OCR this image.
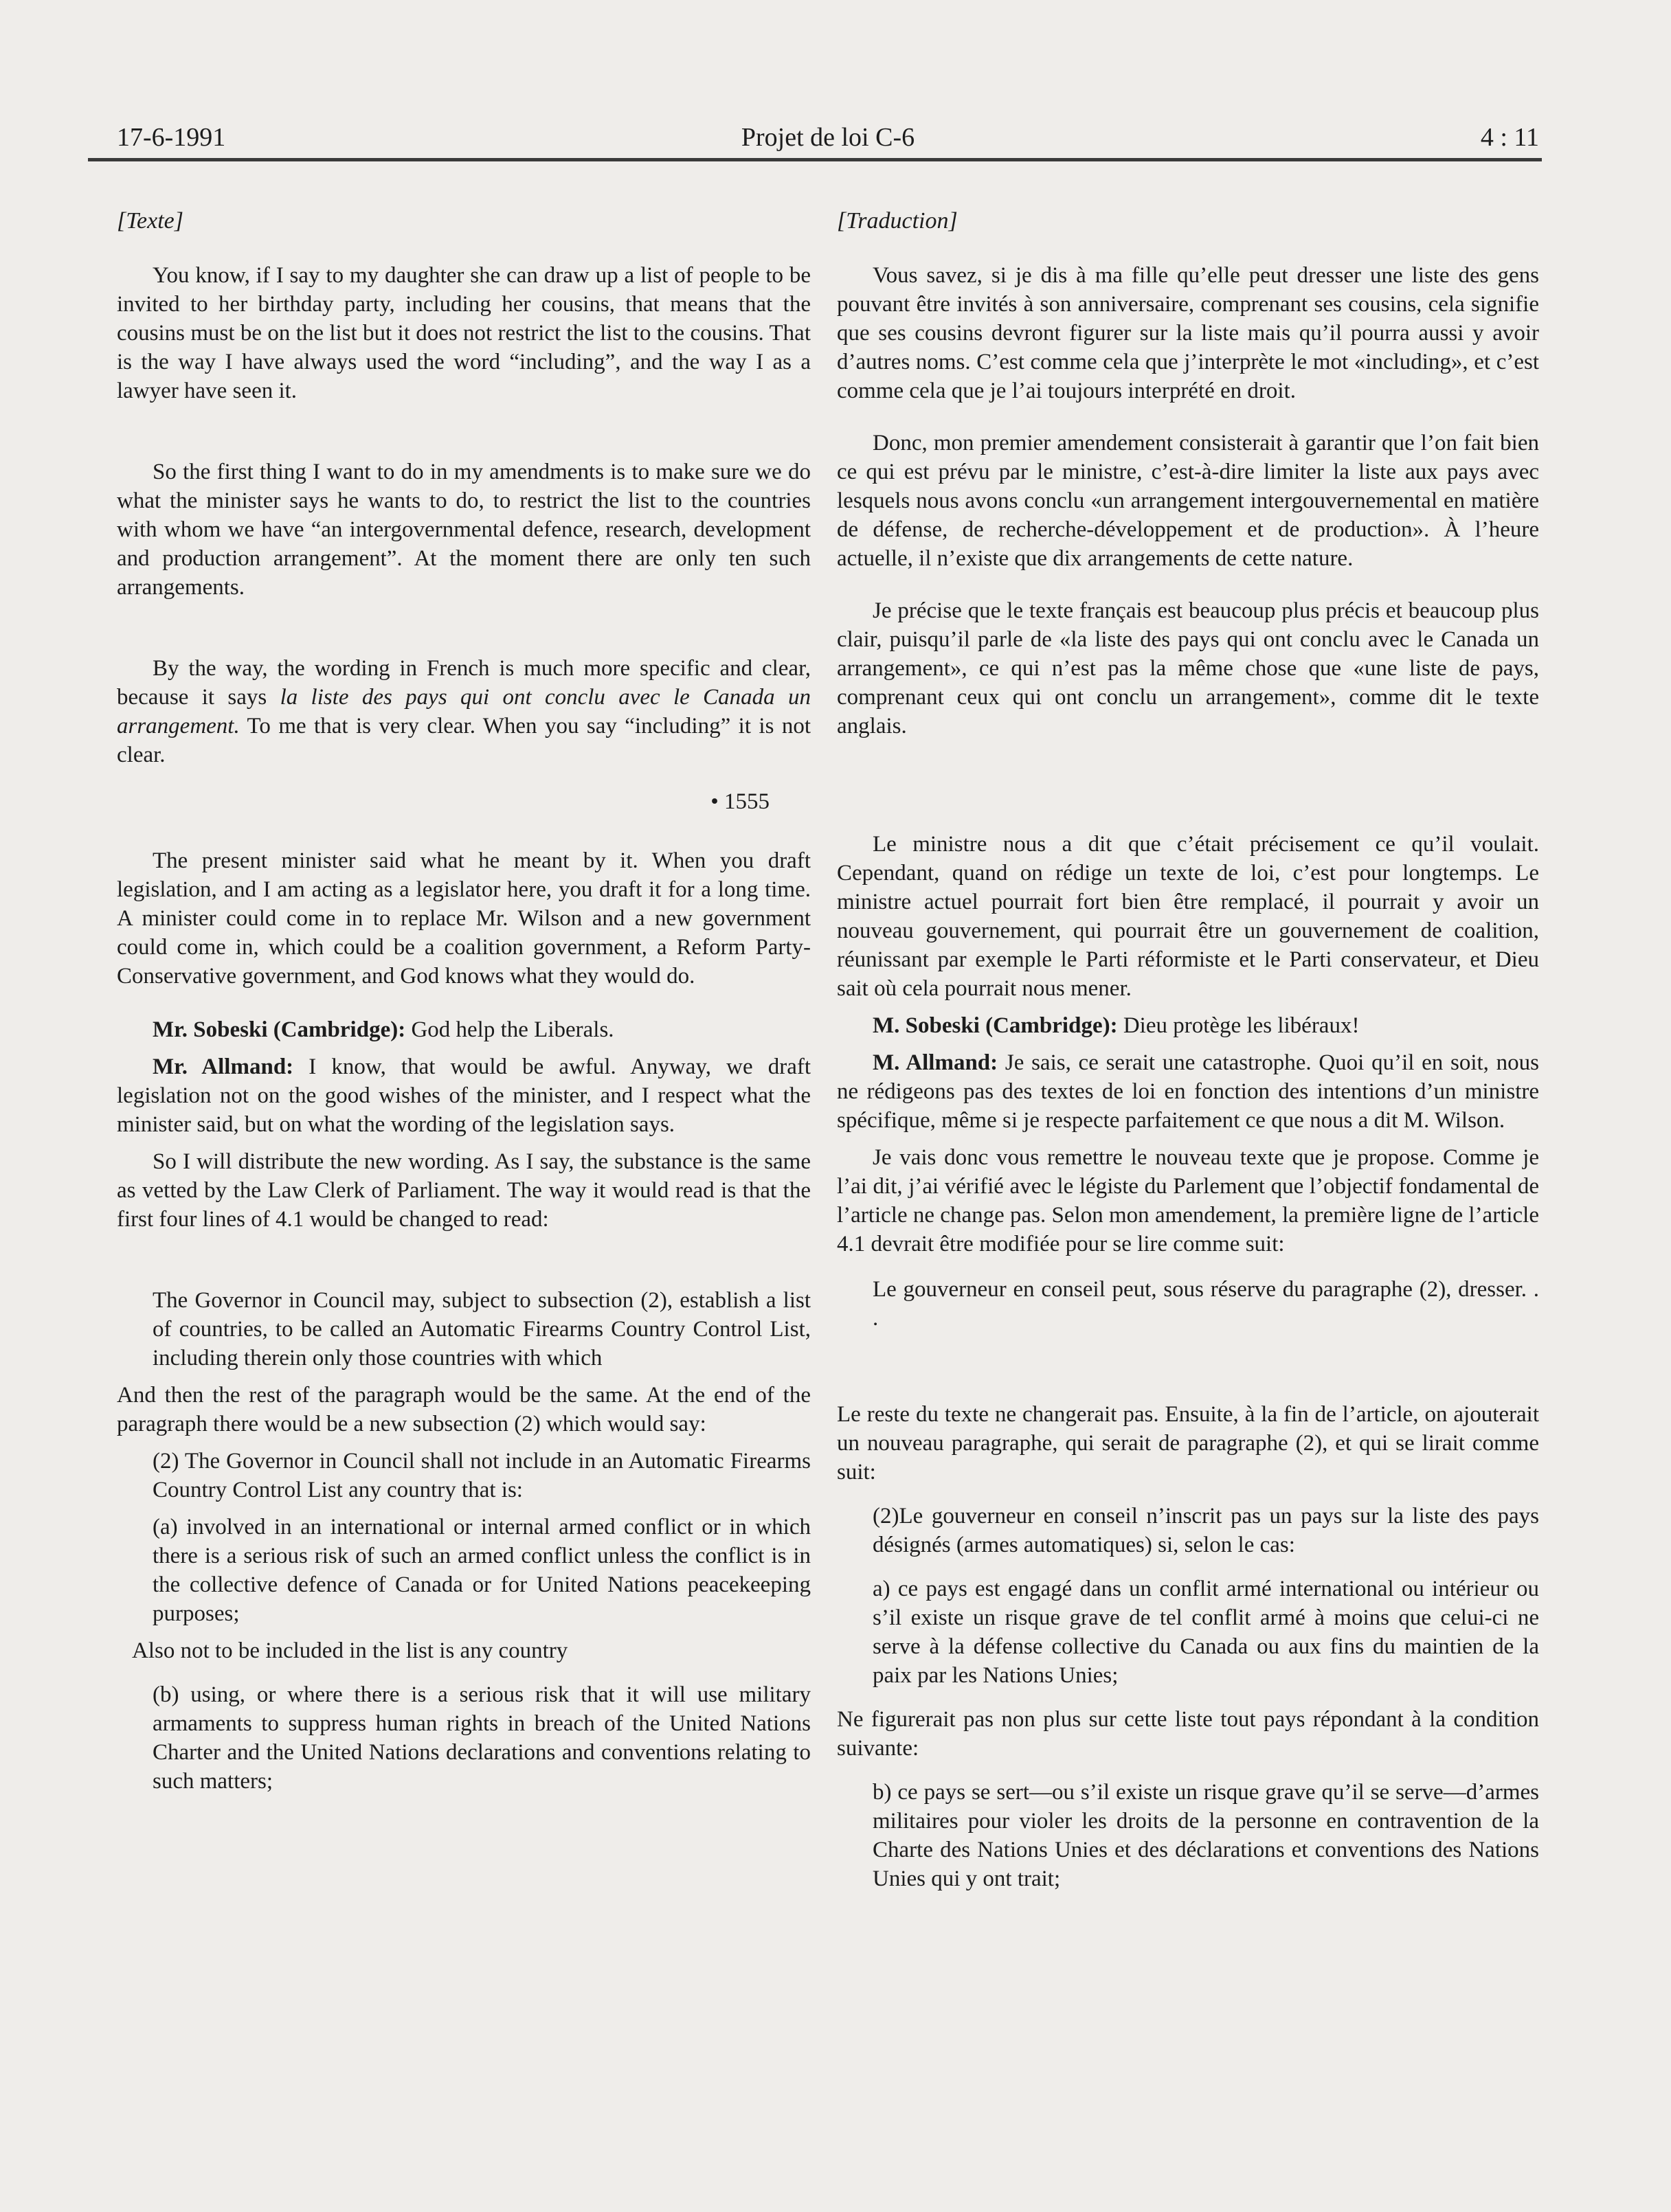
17-6-1991	Projet de loi C-6	4 : 11

[Texte]

You know, if I say to my daughter she can draw up a list of people to be invited to her birthday party, including her cousins, that means that the cousins must be on the list but it does not restrict the list to the cousins. That is the way I have always used the word “including”, and the way I as a lawyer have seen it.

So the first thing I want to do in my amendments is to make sure we do what the minister says he wants to do, to restrict the list to the countries with whom we have “an intergovernmental defence, research, development and production arrangement”. At the moment there are only ten such arrangements.

By the way, the wording in French is much more specific and clear, because it says la liste des pays qui ont conclu avec le Canada un arrangement. To me that is very clear. When you say “including” it is not clear.

• 1555

The present minister said what he meant by it. When you draft legislation, and I am acting as a legislator here, you draft it for a long time. A minister could come in to replace Mr. Wilson and a new government could come in, which could be a coalition government, a Reform Party-Conservative government, and God knows what they would do.

Mr. Sobeski (Cambridge): God help the Liberals.

Mr. Allmand: I know, that would be awful. Anyway, we draft legislation not on the good wishes of the minister, and I respect what the minister said, but on what the wording of the legislation says.

So I will distribute the new wording. As I say, the substance is the same as vetted by the Law Clerk of Parliament. The way it would read is that the first four lines of 4.1 would be changed to read:

The Governor in Council may, subject to subsection (2), establish a list of countries, to be called an Automatic Firearms Country Control List, including therein only those countries with which

And then the rest of the paragraph would be the same. At the end of the paragraph there would be a new subsection (2) which would say:

(2) The Governor in Council shall not include in an Automatic Firearms Country Control List any country that is:

(a) involved in an international or internal armed conflict or in which there is a serious risk of such an armed conflict unless the conflict is in the collective defence of Canada or for United Nations peacekeeping purposes;

Also not to be included in the list is any country

(b) using, or where there is a serious risk that it will use military armaments to suppress human rights in breach of the United Nations Charter and the United Nations declarations and conventions relating to such matters;

[Traduction]

Vous savez, si je dis à ma fille qu’elle peut dresser une liste des gens pouvant être invités à son anniversaire, comprenant ses cousins, cela signifie que ses cousins devront figurer sur la liste mais qu’il pourra aussi y avoir d’autres noms. C’est comme cela que j’interprète le mot «including», et c’est comme cela que je l’ai toujours interprété en droit.

Donc, mon premier amendement consisterait à garantir que l’on fait bien ce qui est prévu par le ministre, c’est-à-dire limiter la liste aux pays avec lesquels nous avons conclu «un arrangement intergouvernemental en matière de défense, de recherche-développement et de production». À l’heure actuelle, il n’existe que dix arrangements de cette nature.

Je précise que le texte français est beaucoup plus précis et beaucoup plus clair, puisqu’il parle de «la liste des pays qui ont conclu avec le Canada un arrangement», ce qui n’est pas la même chose que «une liste de pays, comprenant ceux qui ont conclu un arrangement», comme dit le texte anglais.

Le ministre nous a dit que c’était précisement ce qu’il voulait. Cependant, quand on rédige un texte de loi, c’est pour longtemps. Le ministre actuel pourrait fort bien être remplacé, il pourrait y avoir un nouveau gouvernement, qui pourrait être un gouvernement de coalition, réunissant par exemple le Parti réformiste et le Parti conservateur, et Dieu sait où cela pourrait nous mener.

M. Sobeski (Cambridge): Dieu protège les libéraux!

M. Allmand: Je sais, ce serait une catastrophe. Quoi qu’il en soit, nous ne rédigeons pas des textes de loi en fonction des intentions d’un ministre spécifique, même si je respecte parfaitement ce que nous a dit M. Wilson.

Je vais donc vous remettre le nouveau texte que je propose. Comme je l’ai dit, j’ai vérifié avec le légiste du Parlement que l’objectif fondamental de l’article ne change pas. Selon mon amendement, la première ligne de l’article 4.1 devrait être modifiée pour se lire comme suit:

Le gouverneur en conseil peut, sous réserve du paragraphe (2), dresser. . .

Le reste du texte ne changerait pas. Ensuite, à la fin de l’article, on ajouterait un nouveau paragraphe, qui serait de paragraphe (2), et qui se lirait comme suit:

(2)Le gouverneur en conseil n’inscrit pas un pays sur la liste des pays désignés (armes automatiques) si, selon le cas:

a) ce pays est engagé dans un conflit armé international ou intérieur ou s’il existe un risque grave de tel conflit armé à moins que celui-ci ne serve à la défense collective du Canada ou aux fins du maintien de la paix par les Nations Unies;

Ne figurerait pas non plus sur cette liste tout pays répondant à la condition suivante:

b) ce pays se sert—ou s’il existe un risque grave qu’il se serve—d’armes militaires pour violer les droits de la personne en contravention de la Charte des Nations Unies et des déclarations et conventions des Nations Unies qui y ont trait;
